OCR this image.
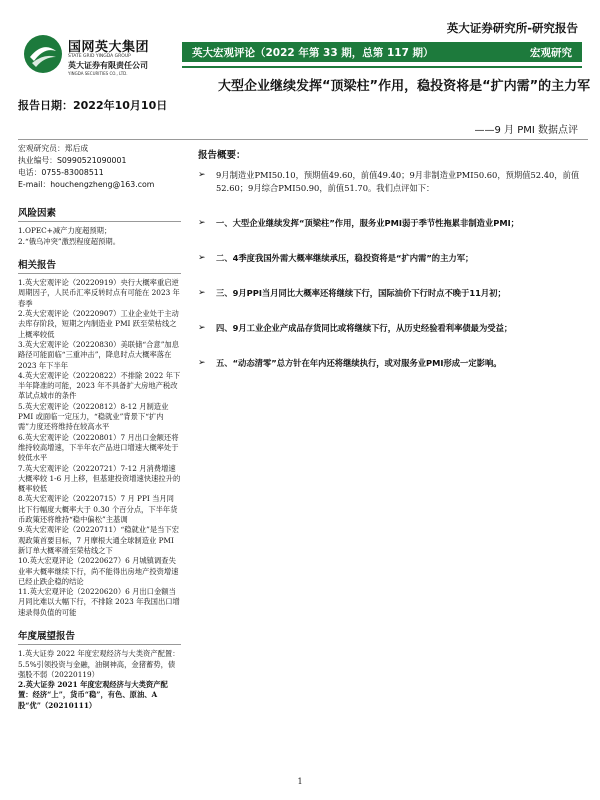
英大证券研究所-研究报告
国网英大集团
STATE GRID YINGDA GROUP
英大证券有限责任公司
YINGDA SECURITIES CO., LTD.
英大宏观评论（2022 年第 33 期，总第 117 期）	宏观研究
大型企业继续发挥“顶梁柱”作用，稳投资将是“扩内需”的主力军
报告日期：2022年10月10日
——9 月 PMI 数据点评
宏观研究员：郑后成
执业编号：S0990521090001
电话：0755-83008511
E-mail：houchengzheng@163.com
风险因素
1.OPEC+减产力度超预期；
2.“俄乌冲突”激烈程度超预期。
相关报告
1.英大宏观评论（20220919）央行大概率重启逆周期因子，人民币汇率反转时点有可能在 2023 年春季
2.英大宏观评论（20220907）工业企业处于主动去库存阶段，短期之内制造业 PMI 跃至荣枯线之上概率较低
3.英大宏观评论（20220830）美联储“合意”加息路径可能面临“三重冲击”，降息时点大概率落在 2023 年下半年
4.英大宏观评论（20220822）不排除 2022 年下半年降准的可能，2023 年不具备扩大房地产税改革试点城市的条件
5.英大宏观评论（20220812）8-12 月制造业 PMI 或面临一定压力，“稳就业”背景下“扩内需”力度还将维持在较高水平
6.英大宏观评论（20220801）7 月出口金额还将维持较高增速，下半年农产品进口增速大概率处于较低水平
7.英大宏观评论（20220721）7-12 月消费增速大概率较 1-6 月上移，但基建投资增速快速拉升的概率较低
8.英大宏观评论（20220715）7 月 PPI 当月同比下行幅度大概率大于 0.30 个百分点，下半年货币政策还将维持“稳中偏松”主基调
9.英大宏观评论（20220711）“稳就业”是当下宏观政策首要目标，7 月摩根大通全球制造业 PMI 新订单大概率滑至荣枯线之下
10.英大宏观评论（20220627）6 月城镇调查失业率大概率继续下行，尚不能得出房地产投资增速已经止跌企稳的结论
11.英大宏观评论（20220620）6 月出口金额当月同比难以大幅下行，不排除 2023 年我国出口增速录得负值的可能
年度展望报告
1.英大证券 2022 年度宏观经济与大类资产配置：5.5%引领投资与金融，油铜神高，金猪蓄势，债强股不弱（20220119）
2.英大证券 2021 年度宏观经济与大类资产配置：经济“上”，货币“稳”，有色、原油、A 股“优”（20210111）
报告概要：
➢ 9月制造业PMI50.10，预期值49.60，前值49.40；9月非制造业PMI50.60，预期值52.40，前值52.60；9月综合PMI50.90，前值51.70。我们点评如下：
➢ 一、大型企业继续发挥“顶梁柱”作用，服务业PMI弱于季节性拖累非制造业PMI；
➢ 二、4季度我国外需大概率继续承压，稳投资将是“扩内需”的主力军；
➢ 三、9月PPI当月同比大概率还将继续下行，国际油价下行时点不晚于11月初；
➢ 四、9月工业企业产成品存货同比或将继续下行，从历史经验看利率债最为受益；
➢ 五、“动态清零”总方针在年内还将继续执行，或对服务业PMI形成一定影响。
1
